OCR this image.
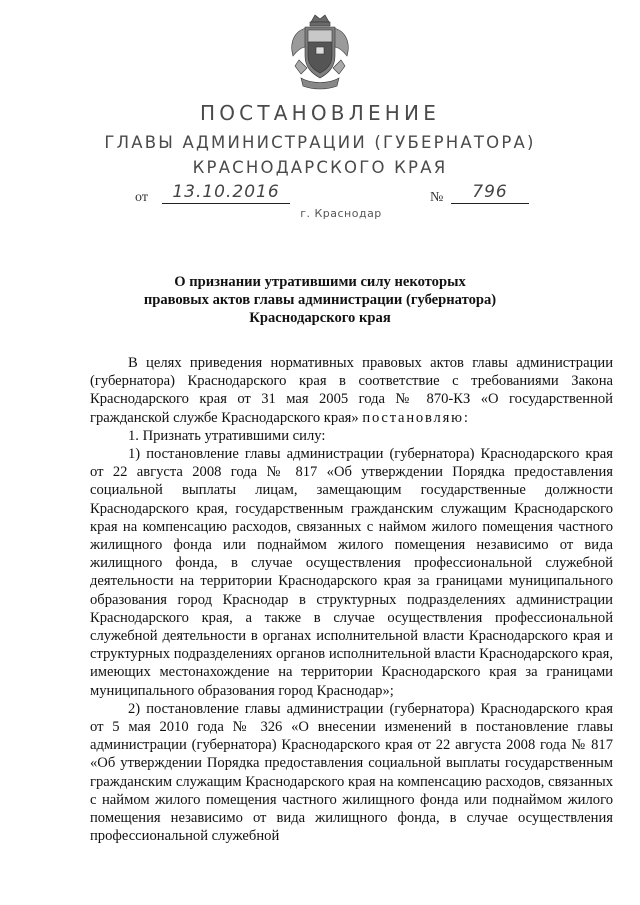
ПОСТАНОВЛЕНИЕ
ГЛАВЫ АДМИНИСТРАЦИИ (ГУБЕРНАТОРА)
КРАСНОДАРСКОГО КРАЯ
от	13.10.2016	№	796
г. Краснодар
О признании утратившими силу некоторых
правовых актов главы администрации (губернатора)
Краснодарского края

В целях приведения нормативных правовых актов главы администрации (губернатора) Краснодарского края в соответствие с требованиями Закона Краснодарского края от 31 мая 2005 года № 870-КЗ «О государственной гражданской службе Краснодарского края» постановляю:

1. Признать утратившими силу:

1) постановление главы администрации (губернатора) Краснодарского края от 22 августа 2008 года № 817 «Об утверждении Порядка предоставления социальной выплаты лицам, замещающим государственные должности Краснодарского края, государственным гражданским служащим Краснодарского края на компенсацию расходов, связанных с наймом жилого помещения частного жилищного фонда или поднаймом жилого помещения независимо от вида жилищного фонда, в случае осуществления профессиональной служебной деятельности на территории Краснодарского края за границами муниципального образования город Краснодар в структурных подразделениях администрации Краснодарского края, а также в случае осуществления профессиональной служебной деятельности в органах исполнительной власти Краснодарского края и структурных подразделениях органов исполнительной власти Краснодарского края, имеющих местонахождение на территории Краснодарского края за границами муниципального образования город Краснодар»;

2) постановление главы администрации (губернатора) Краснодарского края от 5 мая 2010 года № 326 «О внесении изменений в постановление главы администрации (губернатора) Краснодарского края от 22 августа 2008 года № 817 «Об утверждении Порядка предоставления социальной выплаты государственным гражданским служащим Краснодарского края на компенсацию расходов, связанных с наймом жилого помещения частного жилищного фонда или поднаймом жилого помещения независимо от вида жилищного фонда, в случае осуществления профессиональной служебной
